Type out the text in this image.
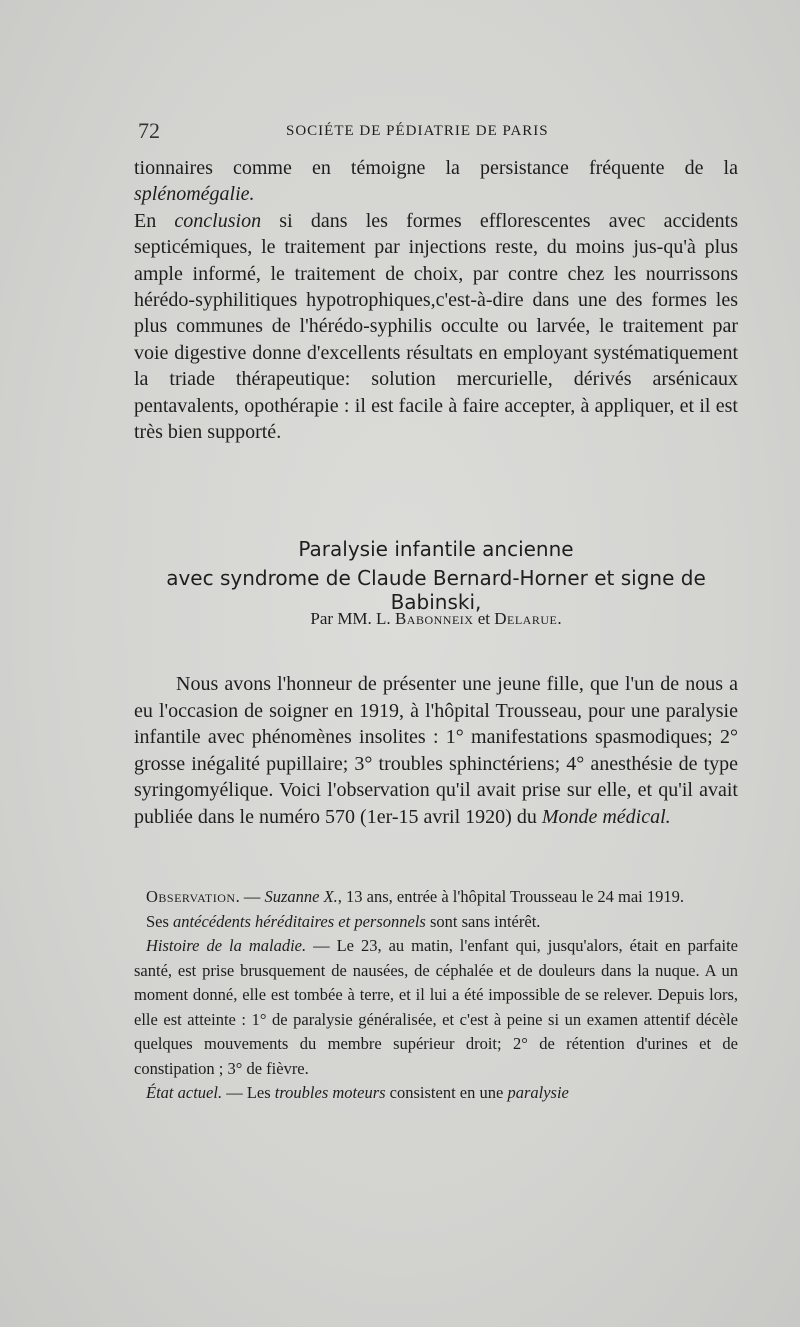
72	SOCIÉTE DE PÉDIATRIE DE PARIS

tionnaires comme en témoigne la persistance fréquente de la splénomégalie.

En conclusion si dans les formes efflorescentes avec accidents septicémiques, le traitement par injections reste, du moins jus-qu'à plus ample informé, le traitement de choix, par contre chez les nourrissons hérédo-syphilitiques hypotrophiques,c'est-à-dire dans une des formes les plus communes de l'hérédo-syphilis occulte ou larvée, le traitement par voie digestive donne d'excellents résultats en employant systématiquement la triade thérapeutique: solution mercurielle, dérivés arsénicaux pentavalents, opothérapie : il est facile à faire accepter, à appliquer, et il est très bien supporté.

Paralysie infantile ancienne
avec syndrome de Claude Bernard-Horner et signe de Babinski,
Par MM. L. Babonneix et Delarue.

Nous avons l'honneur de présenter une jeune fille, que l'un de nous a eu l'occasion de soigner en 1919, à l'hôpital Trousseau, pour une paralysie infantile avec phénomènes insolites : 1° manifestations spasmodiques; 2° grosse inégalité pupillaire; 3° troubles sphinctériens; 4° anesthésie de type syringomyélique. Voici l'observation qu'il avait prise sur elle, et qu'il avait publiée dans le numéro 570 (1er-15 avril 1920) du Monde médical.

Observation. — Suzanne X., 13 ans, entrée à l'hôpital Trousseau le 24 mai 1919.

Ses antécédents héréditaires et personnels sont sans intérêt.

Histoire de la maladie. — Le 23, au matin, l'enfant qui, jusqu'alors, était en parfaite santé, est prise brusquement de nausées, de céphalée et de douleurs dans la nuque. A un moment donné, elle est tombée à terre, et il lui a été impossible de se relever. Depuis lors, elle est atteinte : 1° de paralysie généralisée, et c'est à peine si un examen attentif décèle quelques mouvements du membre supérieur droit; 2° de rétention d'urines et de constipation ; 3° de fièvre.

État actuel. — Les troubles moteurs consistent en une paralysie
